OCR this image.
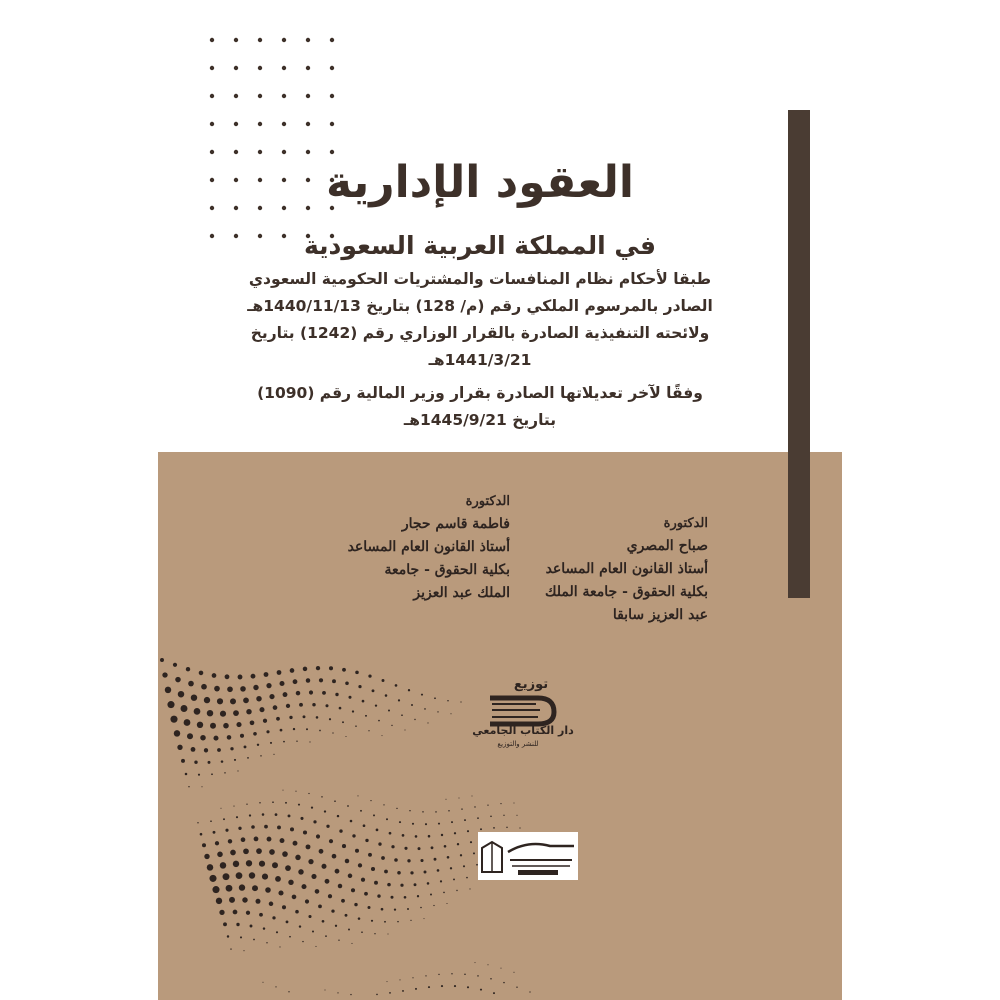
العقود الإدارية
في المملكة العربية السعودية

طبقا لأحكام نظام المنافسات والمشتريات الحكومية السعودي

الصادر بالمرسوم الملكي رقم (م/ 128) بتاريخ 1440/11/13هـ

ولائحته التنفيذية الصادرة بالقرار الوزاري رقم (1242) بتاريخ

1441/3/21هـ

وفقًا لآخر تعديلاتها الصادرة بقرار وزير المالية رقم (1090)

بتاريخ 1445/9/21هـ

الدكتورة
صباح المصري
أستاذ القانون العام المساعد
بكلية الحقوق - جامعة الملك
عبد العزيز سابقا
الدكتورة
فاطمة قاسم حجار
أستاذ القانون العام المساعد
بكلية الحقوق - جامعة
الملك عبد العزيز
توزيع
دار الكتاب الجامعي
للنشر والتوزيع
